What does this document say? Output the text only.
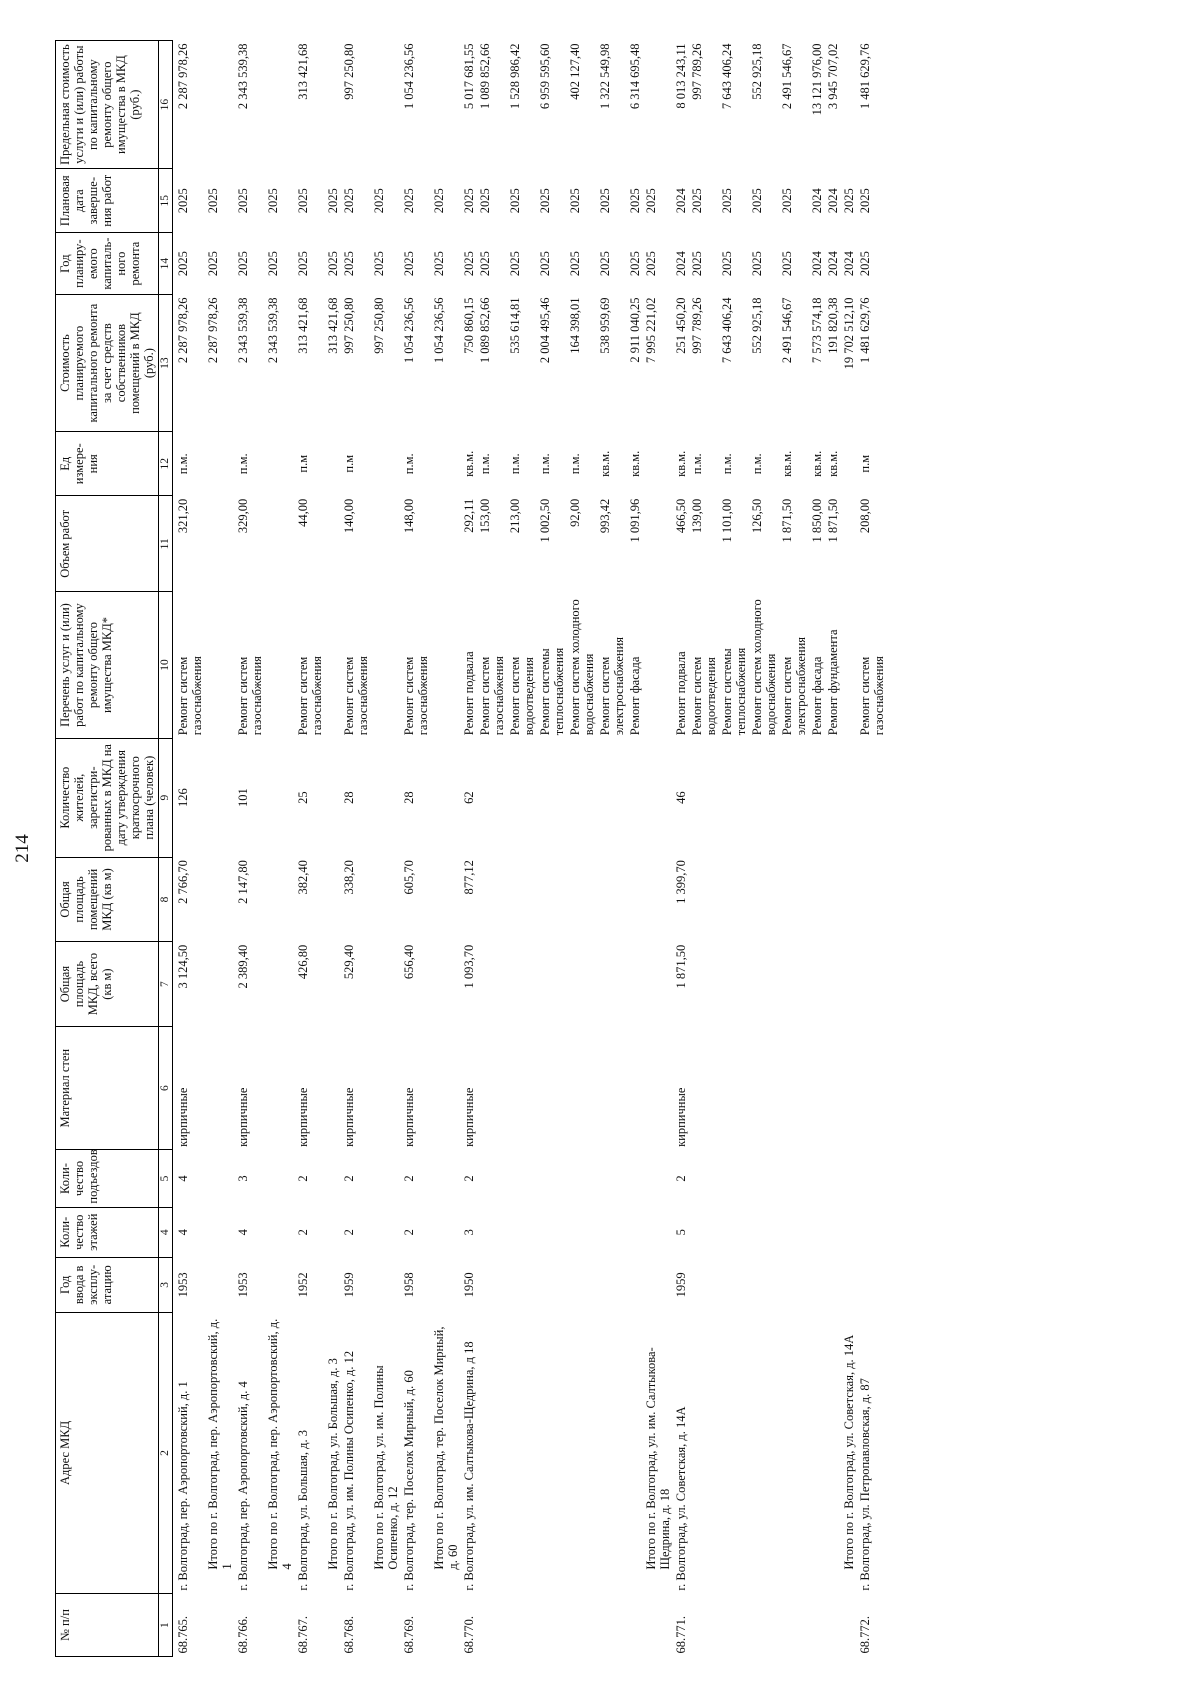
214
№ п/п	Адрес МКД	Год ввода в эксплу-атацию	Коли-чество этажей	Коли-чество подъездов	Материал стен	Общая площадь МКД, всего (кв м)	Общая площадь помещений МКД (кв м)	Количество жителей, зарегистри-рованных в МКД на дату утверждения краткосрочного плана (человек)	Перечень услуг и (или) работ по капитальному ремонту общего имущества МКД*	Объем работ	Ед измере-ния	Стоимость планируемого капитального ремонта за счет средств собственников помещений в МКД (руб.)	Год планиру-емого капиталь-ного ремонта	Плановая дата заверше-ния работ	Предельная стоимость услуги и (или) работы по капитальному ремонту общего имущества в МКД (руб.)
1	2	3	4	5	6	7	8	9	10	11	12	13	14	15	16
68.765.	г. Волгоград, пер. Аэропортовский, д. 1	1953	4	4	кирпичные	3 124,50	2 766,70	126	Ремонт систем газоснабжения	321,20	п.м.	2 287 978,26	2025	2025	2 287 978,26
	Итого по г. Волгоград, пер. Аэропортовский, д. 1											2 287 978,26	2025	2025	
68.766.	г. Волгоград, пер. Аэропортовский, д. 4	1953	4	3	кирпичные	2 389,40	2 147,80	101	Ремонт систем газоснабжения	329,00	п.м.	2 343 539,38	2025	2025	2 343 539,38
	Итого по г. Волгоград, пер. Аэропортовский, д. 4											2 343 539,38	2025	2025	
68.767.	г. Волгоград, ул. Большая, д. 3	1952	2	2	кирпичные	426,80	382,40	25	Ремонт систем газоснабжения	44,00	п.м	313 421,68	2025	2025	313 421,68
	Итого по г. Волгоград, ул. Большая, д. 3											313 421,68	2025	2025	
68.768.	г. Волгоград, ул. им. Полины Осипенко, д. 12	1959	2	2	кирпичные	529,40	338,20	28	Ремонт систем газоснабжения	140,00	п.м	997 250,80	2025	2025	997 250,80
	Итого по г. Волгоград, ул. им. Полины Осипенко, д. 12											997 250,80	2025	2025	
68.769.	г. Волгоград, тер. Поселок Мирный, д. 60	1958	2	2	кирпичные	656,40	605,70	28	Ремонт систем газоснабжения	148,00	п.м.	1 054 236,56	2025	2025	1 054 236,56
	Итого по г. Волгоград, тер. Поселок Мирный, д. 60											1 054 236,56	2025	2025	
68.770.	г. Волгоград, ул. им. Салтыкова-Щедрина, д 18	1950	3	2	кирпичные	1 093,70	877,12	62	Ремонт подвала	292,11	кв.м.	750 860,15	2025	2025	5 017 681,55
									Ремонт систем газоснабжения	153,00	п.м.	1 089 852,66	2025	2025	1 089 852,66
									Ремонт систем водоотведения	213,00	п.м.	535 614,81	2025	2025	1 528 986,42
									Ремонт системы теплоснабжения	1 002,50	п.м.	2 004 495,46	2025	2025	6 959 595,60
									Ремонт систем холодного водоснабжения	92,00	п.м.	164 398,01	2025	2025	402 127,40
									Ремонт систем электроснабжения	993,42	кв.м.	538 959,69	2025	2025	1 322 549,98
									Ремонт фасада	1 091,96	кв.м.	2 911 040,25	2025	2025	6 314 695,48
	Итого по г. Волгоград, ул. им. Салтыкова-Щедрина, д. 18											7 995 221,02	2025	2025	
68.771.	г. Волгоград, ул. Советская, д. 14А	1959	5	2	кирпичные	1 871,50	1 399,70	46	Ремонт подвала	466,50	кв.м.	251 450,20	2024	2024	8 013 243,11
									Ремонт систем водоотведения	139,00	п.м.	997 789,26	2025	2025	997 789,26
									Ремонт системы теплоснабжения	1 101,00	п.м.	7 643 406,24	2025	2025	7 643 406,24
									Ремонт систем холодного водоснабжения	126,50	п.м.	552 925,18	2025	2025	552 925,18
									Ремонт систем электроснабжения	1 871,50	кв.м.	2 491 546,67	2025	2025	2 491 546,67
									Ремонт фасада	1 850,00	кв.м.	7 573 574,18	2024	2024	13 121 976,00
									Ремонт фундамента	1 871,50	кв.м.	191 820,38	2024	2024	3 945 707,02
	Итого по г. Волгоград, ул. Советская, д. 14А											19 702 512,10	2024	2025	
68.772.	г. Волгоград, ул. Петропавловская, д. 87								Ремонт систем газоснабжения	208,00	п.м	1 481 629,76	2025	2025	1 481 629,76
